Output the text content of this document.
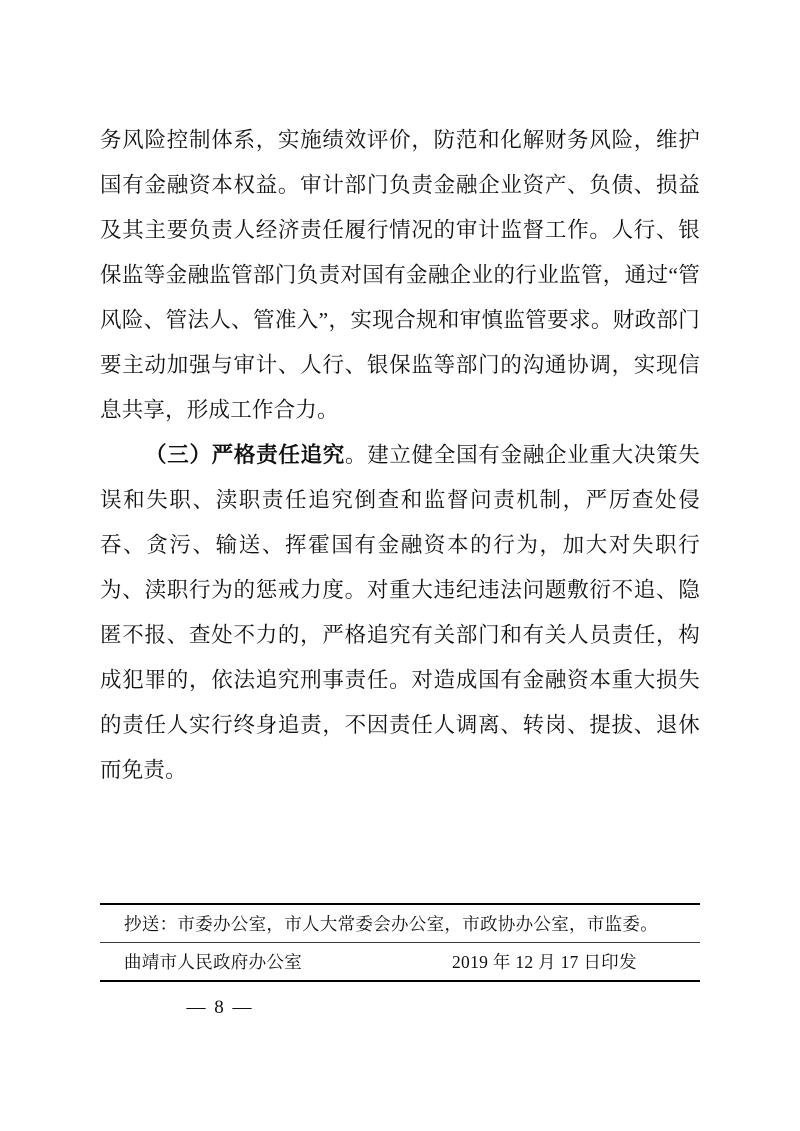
务风险控制体系，实施绩效评价，防范和化解财务风险，维护国有金融资本权益。审计部门负责金融企业资产、负债、损益及其主要负责人经济责任履行情况的审计监督工作。人行、银保监等金融监管部门负责对国有金融企业的行业监管，通过“管风险、管法人、管准入”，实现合规和审慎监管要求。财政部门要主动加强与审计、人行、银保监等部门的沟通协调，实现信息共享，形成工作合力。

（三）严格责任追究。建立健全国有金融企业重大决策失误和失职、渎职责任追究倒查和监督问责机制，严厉查处侵吞、贪污、输送、挥霍国有金融资本的行为，加大对失职行为、渎职行为的惩戒力度。对重大违纪违法问题敷衍不追、隐匿不报、查处不力的，严格追究有关部门和有关人员责任，构成犯罪的，依法追究刑事责任。对造成国有金融资本重大损失的责任人实行终身追责，不因责任人调离、转岗、提拔、退休而免责。

抄送：市委办公室，市人大常委会办公室，市政协办公室，市监委。
曲靖市人民政府办公室	2019 年 12 月 17 日印发
— 8 —
